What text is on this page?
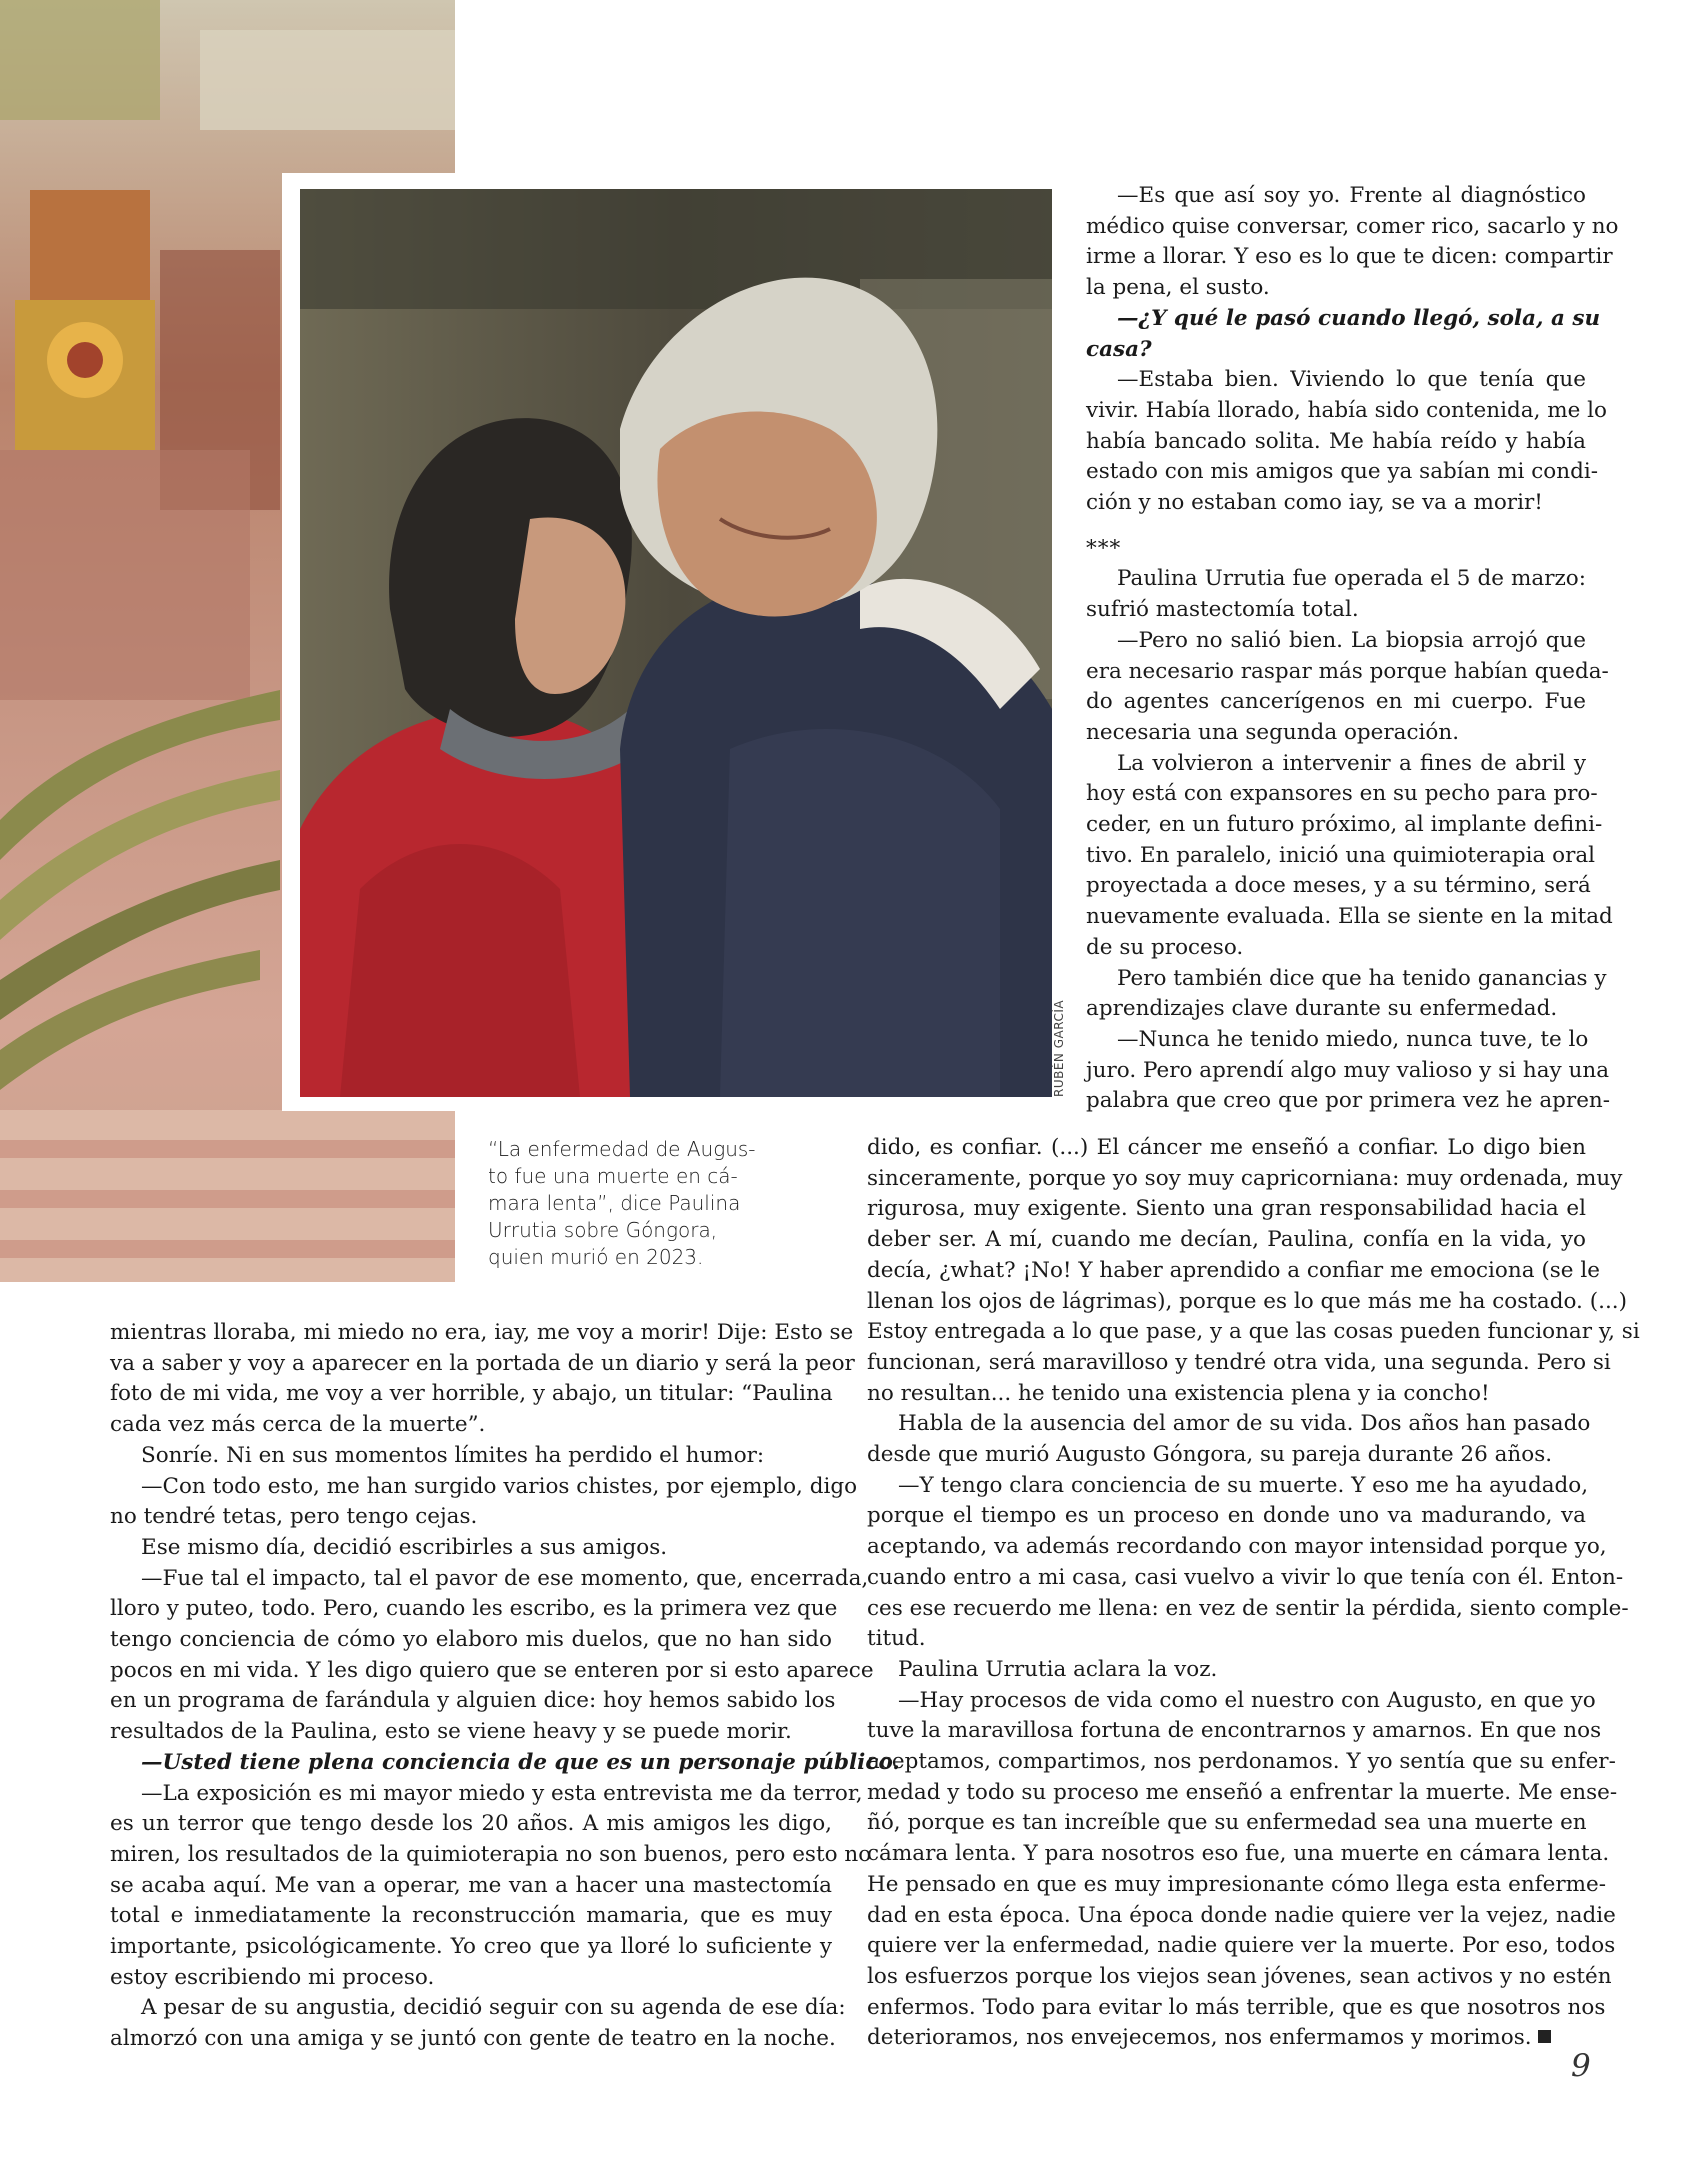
RUBÉN GARCÍA
“La enfermedad de Augus-
to fue una muerte en cá-
mara lenta”, dice Paulina
Urrutia sobre Góngora,
quien murió en 2023.
—Es que así soy yo. Frente al diagnóstico
médico quise conversar, comer rico, sacarlo y no
irme a llorar. Y eso es lo que te dicen: compartir
la pena, el susto.
—¿Y qué le pasó cuando llegó, sola, a su
casa?
—Estaba bien. Viviendo lo que tenía que
vivir. Había llorado, había sido contenida, me lo
había bancado solita. Me había reído y había
estado con mis amigos que ya sabían mi condi-
ción y no estaban como iay, se va a morir!
***
Paulina Urrutia fue operada el 5 de marzo:
sufrió mastectomía total.
—Pero no salió bien. La biopsia arrojó que
era necesario raspar más porque habían queda-
do agentes cancerígenos en mi cuerpo. Fue
necesaria una segunda operación.
La volvieron a intervenir a fines de abril y
hoy está con expansores en su pecho para pro-
ceder, en un futuro próximo, al implante defini-
tivo. En paralelo, inició una quimioterapia oral
proyectada a doce meses, y a su término, será
nuevamente evaluada. Ella se siente en la mitad
de su proceso.
Pero también dice que ha tenido ganancias y
aprendizajes clave durante su enfermedad.
—Nunca he tenido miedo, nunca tuve, te lo
juro. Pero aprendí algo muy valioso y si hay una
palabra que creo que por primera vez he apren-
dido, es confiar. (...) El cáncer me enseñó a confiar. Lo digo bien
sinceramente, porque yo soy muy capricorniana: muy ordenada, muy
rigurosa, muy exigente. Siento una gran responsabilidad hacia el
deber ser. A mí, cuando me decían, Paulina, confía en la vida, yo
decía, ¿what? ¡No! Y haber aprendido a confiar me emociona (se le
llenan los ojos de lágrimas), porque es lo que más me ha costado. (...)
Estoy entregada a lo que pase, y a que las cosas pueden funcionar y, si
funcionan, será maravilloso y tendré otra vida, una segunda. Pero si
no resultan... he tenido una existencia plena y ia concho!
Habla de la ausencia del amor de su vida. Dos años han pasado
desde que murió Augusto Góngora, su pareja durante 26 años.
—Y tengo clara conciencia de su muerte. Y eso me ha ayudado,
porque el tiempo es un proceso en donde uno va madurando, va
aceptando, va además recordando con mayor intensidad porque yo,
cuando entro a mi casa, casi vuelvo a vivir lo que tenía con él. Enton-
ces ese recuerdo me llena: en vez de sentir la pérdida, siento comple-
titud.
Paulina Urrutia aclara la voz.
—Hay procesos de vida como el nuestro con Augusto, en que yo
tuve la maravillosa fortuna de encontrarnos y amarnos. En que nos
aceptamos, compartimos, nos perdonamos. Y yo sentía que su enfer-
medad y todo su proceso me enseñó a enfrentar la muerte. Me ense-
ñó, porque es tan increíble que su enfermedad sea una muerte en
cámara lenta. Y para nosotros eso fue, una muerte en cámara lenta.
He pensado en que es muy impresionante cómo llega esta enferme-
dad en esta época. Una época donde nadie quiere ver la vejez, nadie
quiere ver la enfermedad, nadie quiere ver la muerte. Por eso, todos
los esfuerzos porque los viejos sean jóvenes, sean activos y no estén
enfermos. Todo para evitar lo más terrible, que es que nosotros nos
deterioramos, nos envejecemos, nos enfermamos y morimos.
mientras lloraba, mi miedo no era, iay, me voy a morir! Dije: Esto se
va a saber y voy a aparecer en la portada de un diario y será la peor
foto de mi vida, me voy a ver horrible, y abajo, un titular: “Paulina
cada vez más cerca de la muerte”.
Sonríe. Ni en sus momentos límites ha perdido el humor:
—Con todo esto, me han surgido varios chistes, por ejemplo, digo
no tendré tetas, pero tengo cejas.
Ese mismo día, decidió escribirles a sus amigos.
—Fue tal el impacto, tal el pavor de ese momento, que, encerrada,
lloro y puteo, todo. Pero, cuando les escribo, es la primera vez que
tengo conciencia de cómo yo elaboro mis duelos, que no han sido
pocos en mi vida. Y les digo quiero que se enteren por si esto aparece
en un programa de farándula y alguien dice: hoy hemos sabido los
resultados de la Paulina, esto se viene heavy y se puede morir.
—Usted tiene plena conciencia de que es un personaje público.
—La exposición es mi mayor miedo y esta entrevista me da terror,
es un terror que tengo desde los 20 años. A mis amigos les digo,
miren, los resultados de la quimioterapia no son buenos, pero esto no
se acaba aquí. Me van a operar, me van a hacer una mastectomía
total e inmediatamente la reconstrucción mamaria, que es muy
importante, psicológicamente. Yo creo que ya lloré lo suficiente y
estoy escribiendo mi proceso.
A pesar de su angustia, decidió seguir con su agenda de ese día:
almorzó con una amiga y se juntó con gente de teatro en la noche.
9
